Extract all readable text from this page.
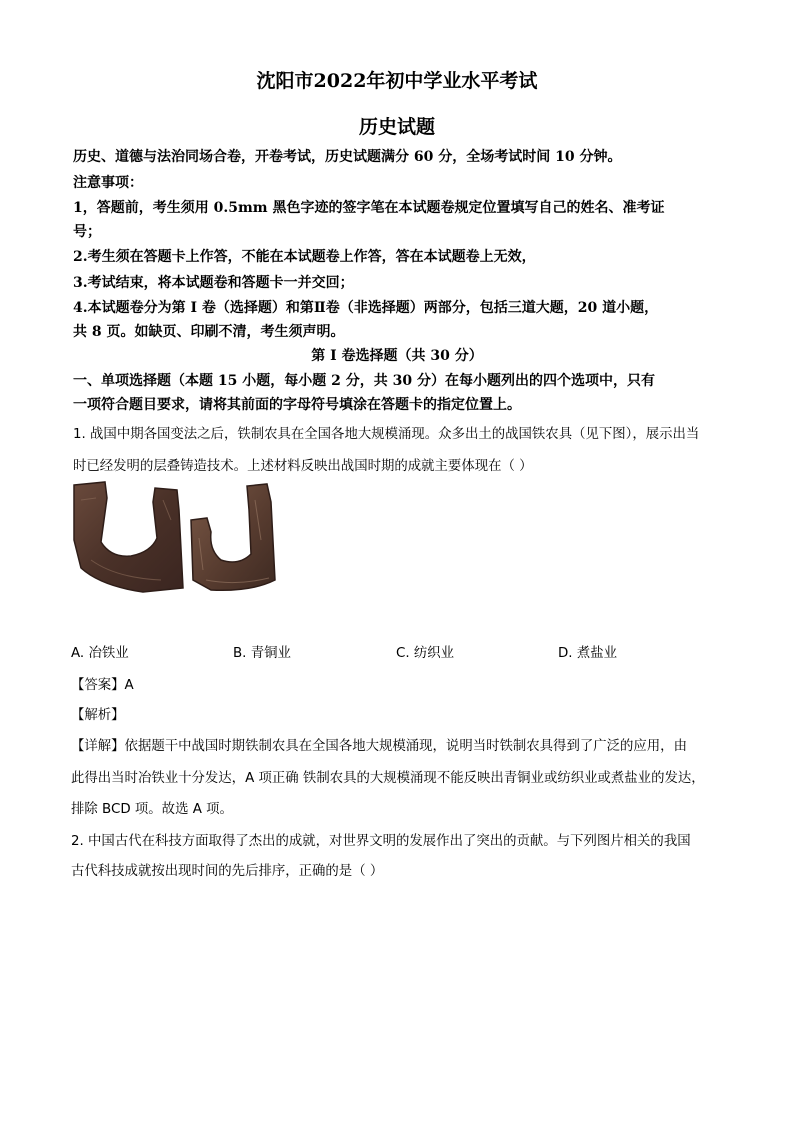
沈阳市2022年初中学业水平考试
历史试题
历史、道德与法治同场合卷，开卷考试，历史试题满分 60 分，全场考试时间 10 分钟。
注意事项：
1，答题前，考生须用 0.5mm 黑色字迹的签字笔在本试题卷规定位置填写自己的姓名、准考证
号；
2.考生须在答题卡上作答，不能在本试题卷上作答，答在本试题卷上无效，
3.考试结束，将本试题卷和答题卡一并交回；
4.本试题卷分为第 I 卷（选择题）和第Ⅱ卷（非选择题）两部分，包括三道大题，20 道小题，
共 8 页。如缺页、印刷不清，考生须声明。
第 I 卷选择题（共 30 分）
一、单项选择题（本题 15 小题，每小题 2 分，共 30 分）在每小题列出的四个选项中，只有
一项符合题目要求，请将其前面的字母符号填涂在答题卡的指定位置上。
1. 战国中期各国变法之后，铁制农具在全国各地大规模涌现。众多出土的战国铁农具（见下图），展示出当
时已经发明的层叠铸造技术。上述材料反映出战国时期的成就主要体现在（ ）
A. 冶铁业	B. 青铜业	C. 纺织业	D. 煮盐业
【答案】A
【解析】
【详解】依据题干中战国时期铁制农具在全国各地大规模涌现，说明当时铁制农具得到了广泛的应用，由
此得出当时冶铁业十分发达，A 项正确 铁制农具的大规模涌现不能反映出青铜业或纺织业或煮盐业的发达，
排除 BCD 项。故选 A 项。
2. 中国古代在科技方面取得了杰出的成就，对世界文明的发展作出了突出的贡献。与下列图片相关的我国
古代科技成就按出现时间的先后排序，正确的是（ ）
